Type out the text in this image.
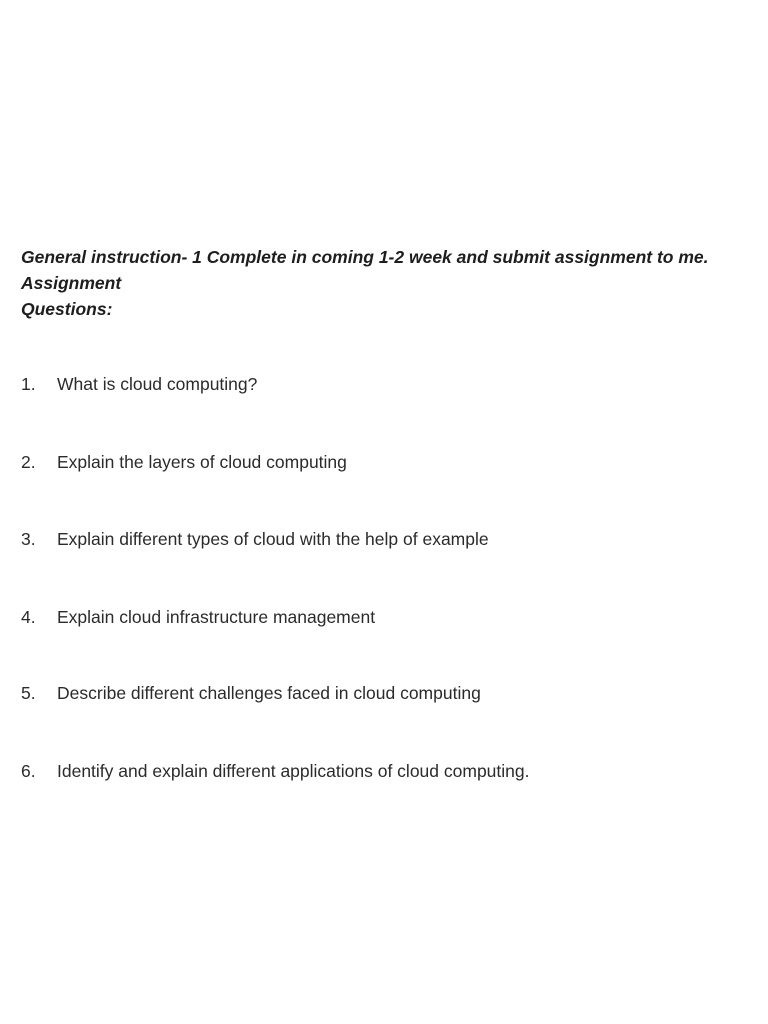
General instruction- 1 Complete in coming 1-2 week and submit assignment to me.
Assignment
Questions:
1. What is cloud computing?
2. Explain the layers of cloud computing
3. Explain different types of cloud with the help of example
4. Explain cloud infrastructure management
5. Describe different challenges faced in cloud computing
6. Identify and explain different applications of cloud computing.
